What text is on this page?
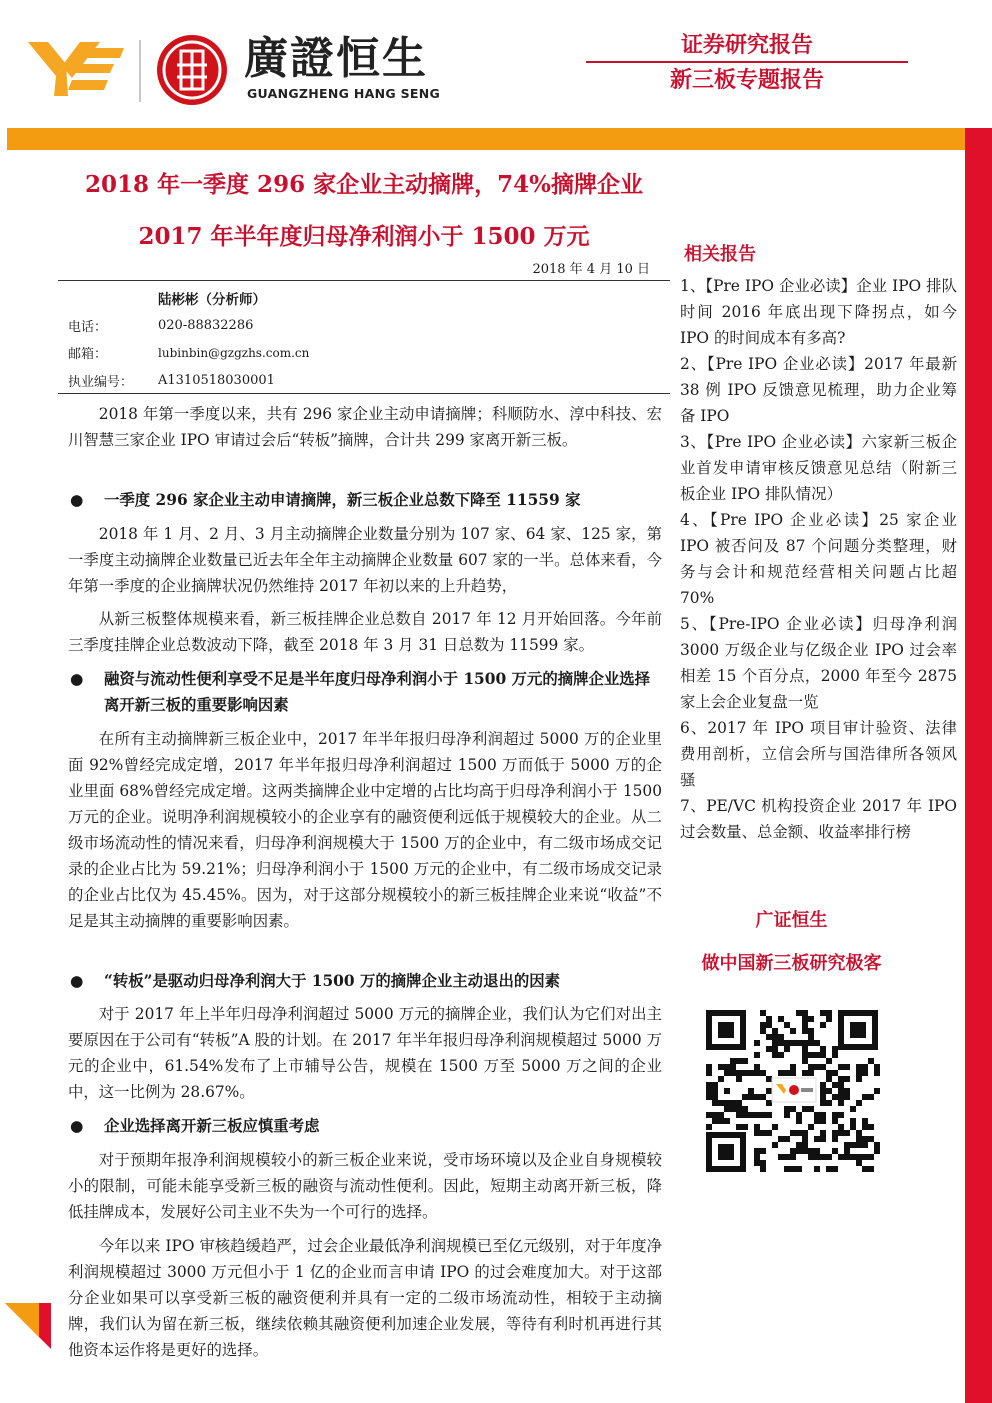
廣證恒生
GUANGZHENG HANG SENG
证券研究报告
新三板专题报告
2018 年一季度 296 家企业主动摘牌，74%摘牌企业
2017 年半年度归母净利润小于 1500 万元
2018 年 4 月 10 日
陆彬彬（分析师）
电话：	020-88832286
邮箱：	lubinbin@gzgzhs.com.cn
执业编号： A1310518030001
2018 年第一季度以来，共有 296 家企业主动申请摘牌；科顺防水、淳中科技、宏川智慧三家企业 IPO 审请过会后“转板”摘牌，合计共 299 家离开新三板。
● 一季度 296 家企业主动申请摘牌，新三板企业总数下降至 11559 家
2018 年 1 月、2 月、3 月主动摘牌企业数量分别为 107 家、64 家、125 家，第一季度主动摘牌企业数量已近去年全年主动摘牌企业数量 607 家的一半。总体来看，今年第一季度的企业摘牌状况仍然维持 2017 年初以来的上升趋势，
从新三板整体规模来看，新三板挂牌企业总数自 2017 年 12 月开始回落。今年前三季度挂牌企业总数波动下降，截至 2018 年 3 月 31 日总数为 11599 家。
● 融资与流动性便利享受不足是半年度归母净利润小于 1500 万元的摘牌企业选择离开新三板的重要影响因素
在所有主动摘牌新三板企业中，2017 年半年报归母净利润超过 5000 万的企业里面 92%曾经完成定增，2017 年半年报归母净利润超过 1500 万而低于 5000 万的企业里面 68%曾经完成定增。这两类摘牌企业中定增的占比均高于归母净利润小于 1500 万元的企业。说明净利润规模较小的企业享有的融资便利远低于规模较大的企业。从二级市场流动性的情况来看，归母净利润规模大于 1500 万的企业中，有二级市场成交记录的企业占比为 59.21%；归母净利润小于 1500 万元的企业中，有二级市场成交记录的企业占比仅为 45.45%。因为，对于这部分规模较小的新三板挂牌企业来说“收益”不足是其主动摘牌的重要影响因素。
● “转板”是驱动归母净利润大于 1500 万的摘牌企业主动退出的因素
对于 2017 年上半年归母净利润超过 5000 万元的摘牌企业，我们认为它们对出主要原因在于公司有“转板”A 股的计划。在 2017 年半年报归母净利润规模超过 5000 万元的企业中，61.54%发布了上市辅导公告，规模在 1500 万至 5000 万之间的企业中，这一比例为 28.67%。
● 企业选择离开新三板应慎重考虑
对于预期年报净利润规模较小的新三板企业来说，受市场环境以及企业自身规模较小的限制，可能未能享受新三板的融资与流动性便利。因此，短期主动离开新三板，降低挂牌成本，发展好公司主业不失为一个可行的选择。
今年以来 IPO 审核趋缓趋严，过会企业最低净利润规模已至亿元级别，对于年度净利润规模超过 3000 万元但小于 1 亿的企业而言申请 IPO 的过会难度加大。对于这部分企业如果可以享受新三板的融资便利并具有一定的二级市场流动性，相较于主动摘牌，我们认为留在新三板，继续依赖其融资便利加速企业发展，等待有利时机再进行其他资本运作将是更好的选择。
相关报告
1、【Pre IPO 企业必读】企业 IPO 排队时间 2016 年底出现下降拐点，如今 IPO 的时间成本有多高?
2、【Pre IPO 企业必读】2017 年最新 38 例 IPO 反馈意见梳理，助力企业筹备 IPO
3、【Pre IPO 企业必读】六家新三板企业首发申请审核反馈意见总结（附新三板企业 IPO 排队情况）
4、【Pre IPO 企业必读】25 家企业 IPO 被否问及 87 个问题分类整理，财务与会计和规范经营相关问题占比超 70%
5、【Pre-IPO 企业必读】归母净利润 3000 万级企业与亿级企业 IPO 过会率相差 15 个百分点，2000 年至今 2875 家上会企业复盘一览
6、2017 年 IPO 项目审计验资、法律费用剖析，立信会所与国浩律所各领风骚
7、PE/VC 机构投资企业 2017 年 IPO 过会数量、总金额、收益率排行榜
广证恒生
做中国新三板研究极客
